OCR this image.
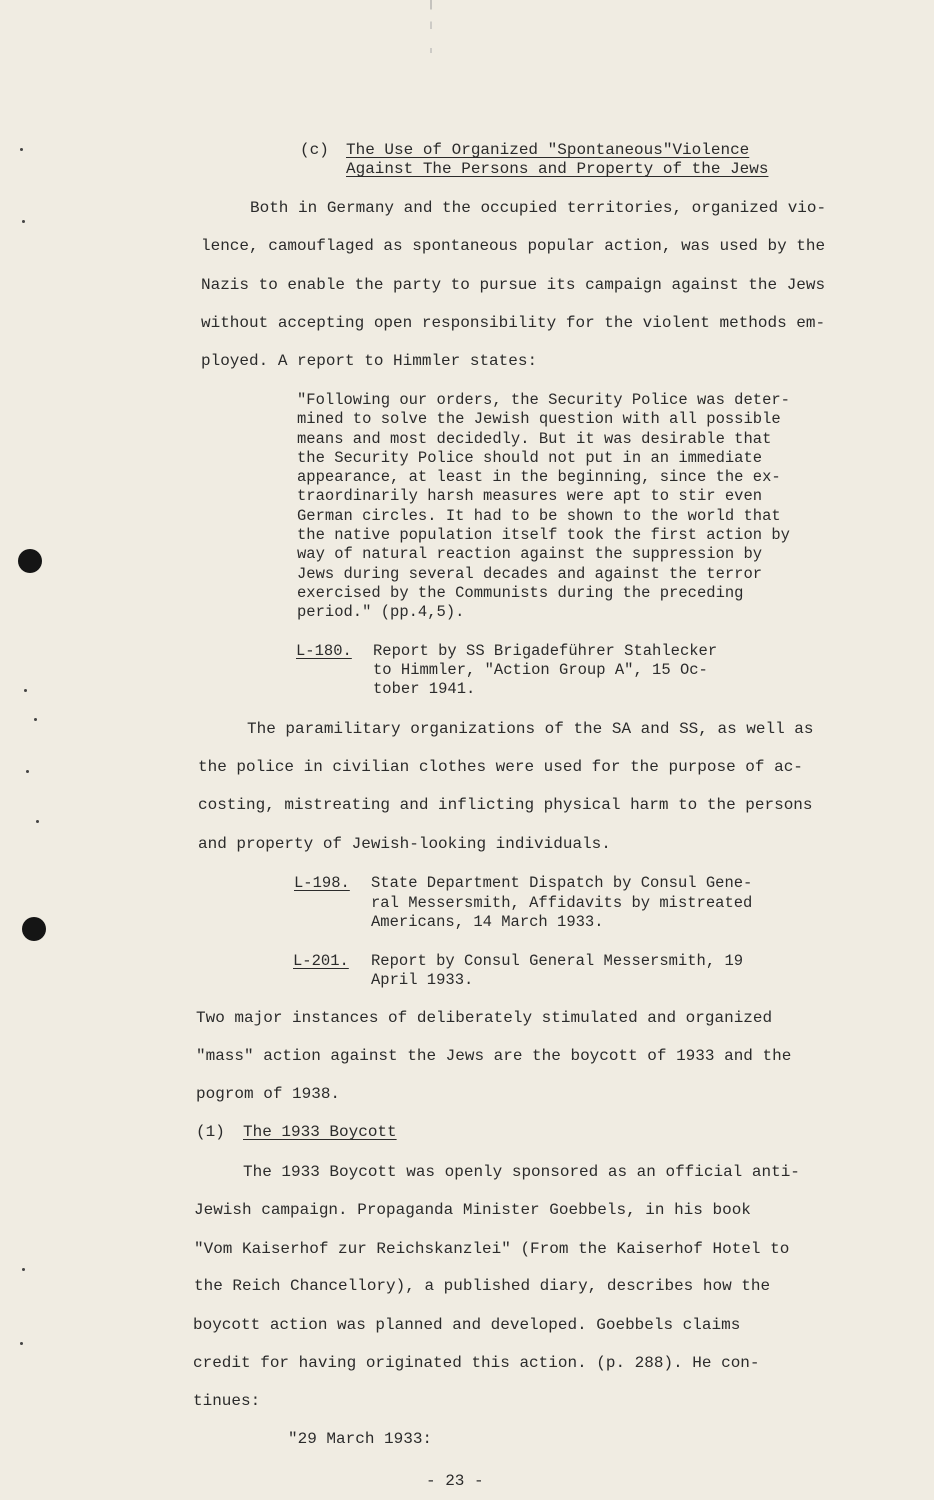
(c) The Use of Organized "Spontaneous"Violence
Against The Persons and Property of the Jews
Both in Germany and the occupied territories, organized vio-
lence, camouflaged as spontaneous popular action, was used by the
Nazis to enable the party to pursue its campaign against the Jews
without accepting open responsibility for the violent methods em-
ployed. A report to Himmler states:
"Following our orders, the Security Police was deter-
mined to solve the Jewish question with all possible
means and most decidedly. But it was desirable that
the Security Police should not put in an immediate
appearance, at least in the beginning, since the ex-
traordinarily harsh measures were apt to stir even
German circles. It had to be shown to the world that
the native population itself took the first action by
way of natural reaction against the suppression by
Jews during several decades and against the terror
exercised by the Communists during the preceding
period." (pp.4,5).
L-180. Report by SS Brigadeführer Stahlecker
to Himmler, "Action Group A", 15 Oc-
tober 1941.
The paramilitary organizations of the SA and SS, as well as
the police in civilian clothes were used for the purpose of ac-
costing, mistreating and inflicting physical harm to the persons
and property of Jewish-looking individuals.
L-198. State Department Dispatch by Consul Gene-
ral Messersmith, Affidavits by mistreated
Americans, 14 March 1933.
L-201. Report by Consul General Messersmith, 19
April 1933.
Two major instances of deliberately stimulated and organized
"mass" action against the Jews are the boycott of 1933 and the
pogrom of 1938.
(1) The 1933 Boycott
The 1933 Boycott was openly sponsored as an official anti-
Jewish campaign. Propaganda Minister Goebbels, in his book
"Vom Kaiserhof zur Reichskanzlei" (From the Kaiserhof Hotel to
the Reich Chancellory), a published diary, describes how the
boycott action was planned and developed. Goebbels claims
credit for having originated this action. (p. 288). He con-
tinues:
"29 March 1933:
- 23 -
